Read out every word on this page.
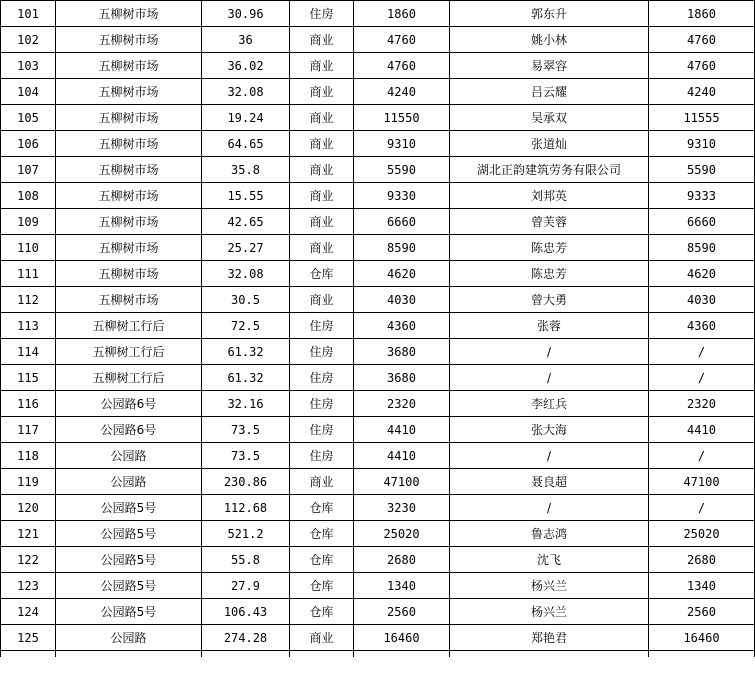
101	五柳树市场	30.96	住房	1860	郭东升	1860
102	五柳树市场	36	商业	4760	姚小林	4760
103	五柳树市场	36.02	商业	4760	易翠容	4760
104	五柳树市场	32.08	商业	4240	吕云耀	4240
105	五柳树市场	19.24	商业	11550	吴承双	11555
106	五柳树市场	64.65	商业	9310	张道灿	9310
107	五柳树市场	35.8	商业	5590	湖北正韵建筑劳务有限公司	5590
108	五柳树市场	15.55	商业	9330	刘邦英	9333
109	五柳树市场	42.65	商业	6660	曾芙蓉	6660
110	五柳树市场	25.27	商业	8590	陈忠芳	8590
111	五柳树市场	32.08	仓库	4620	陈忠芳	4620
112	五柳树市场	30.5	商业	4030	曾大勇	4030
113	五柳树工行后	72.5	住房	4360	张蓉	4360
114	五柳树工行后	61.32	住房	3680	/	/
115	五柳树工行后	61.32	住房	3680	/	/
116	公园路6号	32.16	住房	2320	李红兵	2320
117	公园路6号	73.5	住房	4410	张大海	4410
118	公园路	73.5	住房	4410	/	/
119	公园路	230.86	商业	47100	聂良超	47100
120	公园路5号	112.68	仓库	3230	/	/
121	公园路5号	521.2	仓库	25020	鲁志鸿	25020
122	公园路5号	55.8	仓库	2680	沈飞	2680
123	公园路5号	27.9	仓库	1340	杨兴兰	1340
124	公园路5号	106.43	仓库	2560	杨兴兰	2560
125	公园路	274.28	商业	16460	郑艳君	16460
